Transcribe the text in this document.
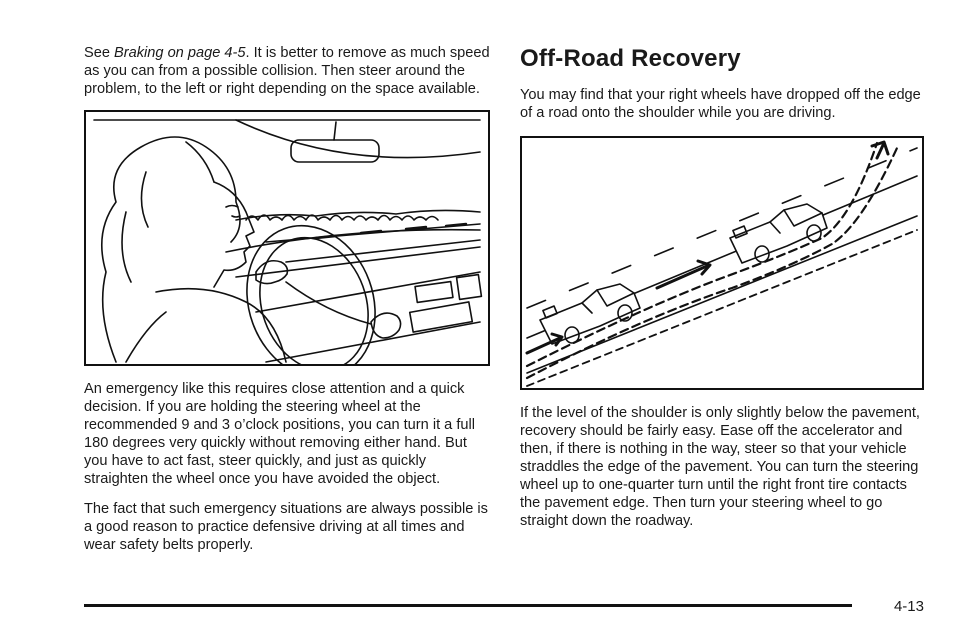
See Braking on page 4-5. It is better to remove as much speed as you can from a possible collision. Then steer around the problem, to the left or right depending on the space available.

An emergency like this requires close attention and a quick decision. If you are holding the steering wheel at the recommended 9 and 3 o’clock positions, you can turn it a full 180 degrees very quickly without removing either hand. But you have to act fast, steer quickly, and just as quickly straighten the wheel once you have avoided the object.

The fact that such emergency situations are always possible is a good reason to practice defensive driving at all times and wear safety belts properly.

Off-Road Recovery

You may find that your right wheels have dropped off the edge of a road onto the shoulder while you are driving.

If the level of the shoulder is only slightly below the pavement, recovery should be fairly easy. Ease off the accelerator and then, if there is nothing in the way, steer so that your vehicle straddles the edge of the pavement. You can turn the steering wheel up to one-quarter turn until the right front tire contacts the pavement edge. Then turn your steering wheel to go straight down the roadway.

4-13
